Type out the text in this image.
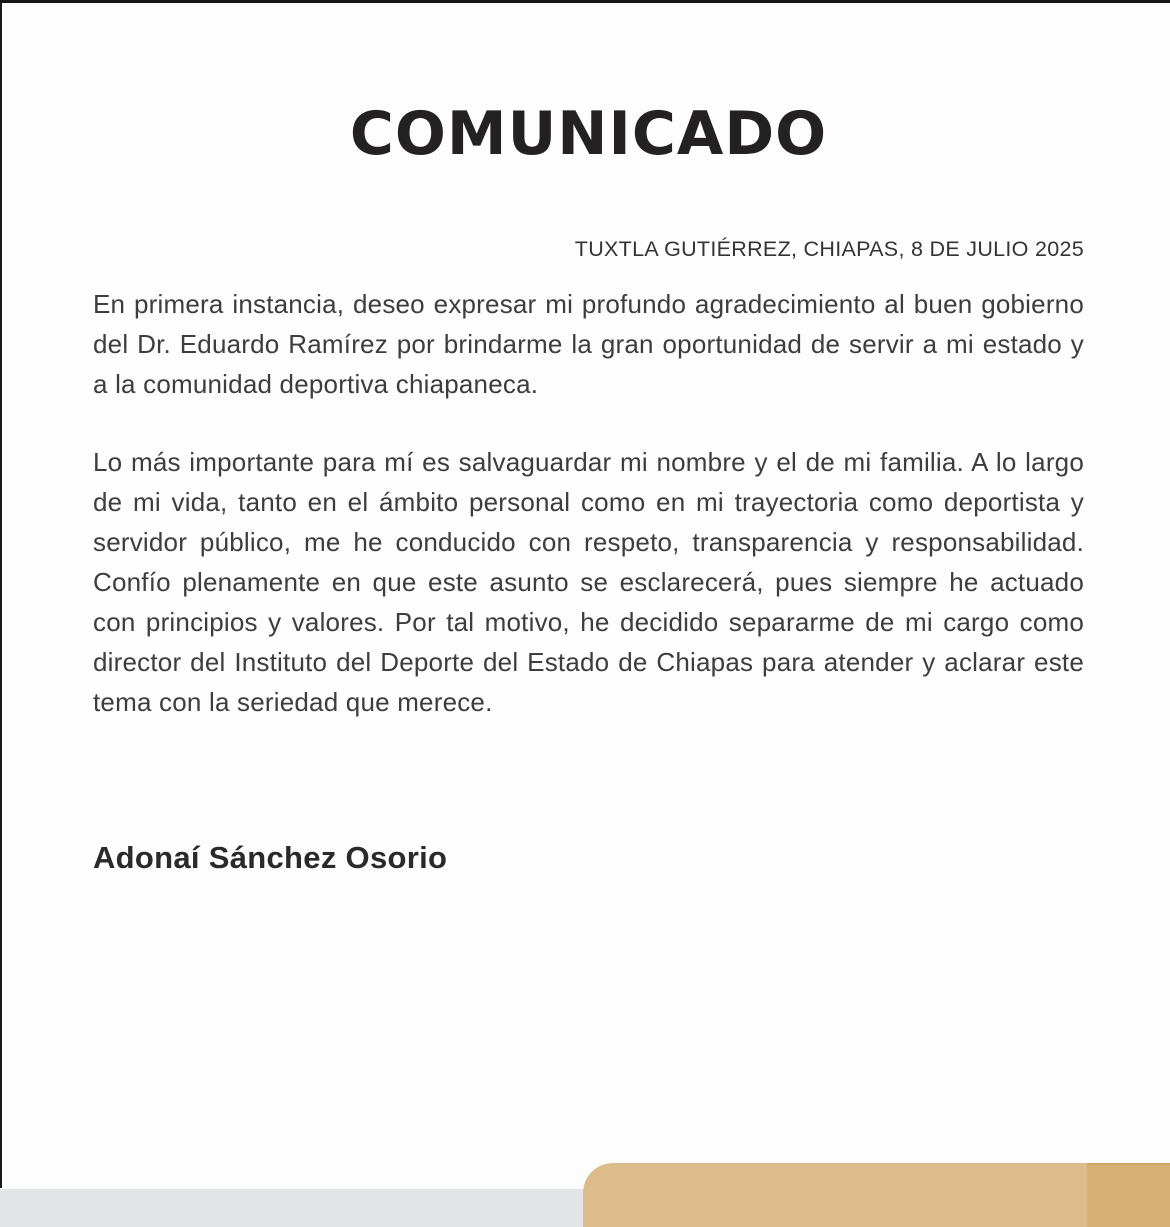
COMUNICADO
TUXTLA GUTIÉRREZ, CHIAPAS, 8 DE JULIO 2025

En primera instancia, deseo expresar mi profundo agradecimiento al buen gobierno del Dr. Eduardo Ramírez por brindarme la gran oportunidad de servir a mi estado y a la comunidad deportiva chiapaneca.

Lo más importante para mí es salvaguardar mi nombre y el de mi familia. A lo largo de mi vida, tanto en el ámbito personal como en mi trayectoria como deportista y servidor público, me he conducido con respeto, transparencia y responsabilidad. Confío plenamente en que este asunto se esclarecerá, pues siempre he actuado con principios y valores. Por tal motivo, he decidido separarme de mi cargo como director del Instituto del Deporte del Estado de Chiapas para atender y aclarar este tema con la seriedad que merece.

Adonaí Sánchez Osorio
